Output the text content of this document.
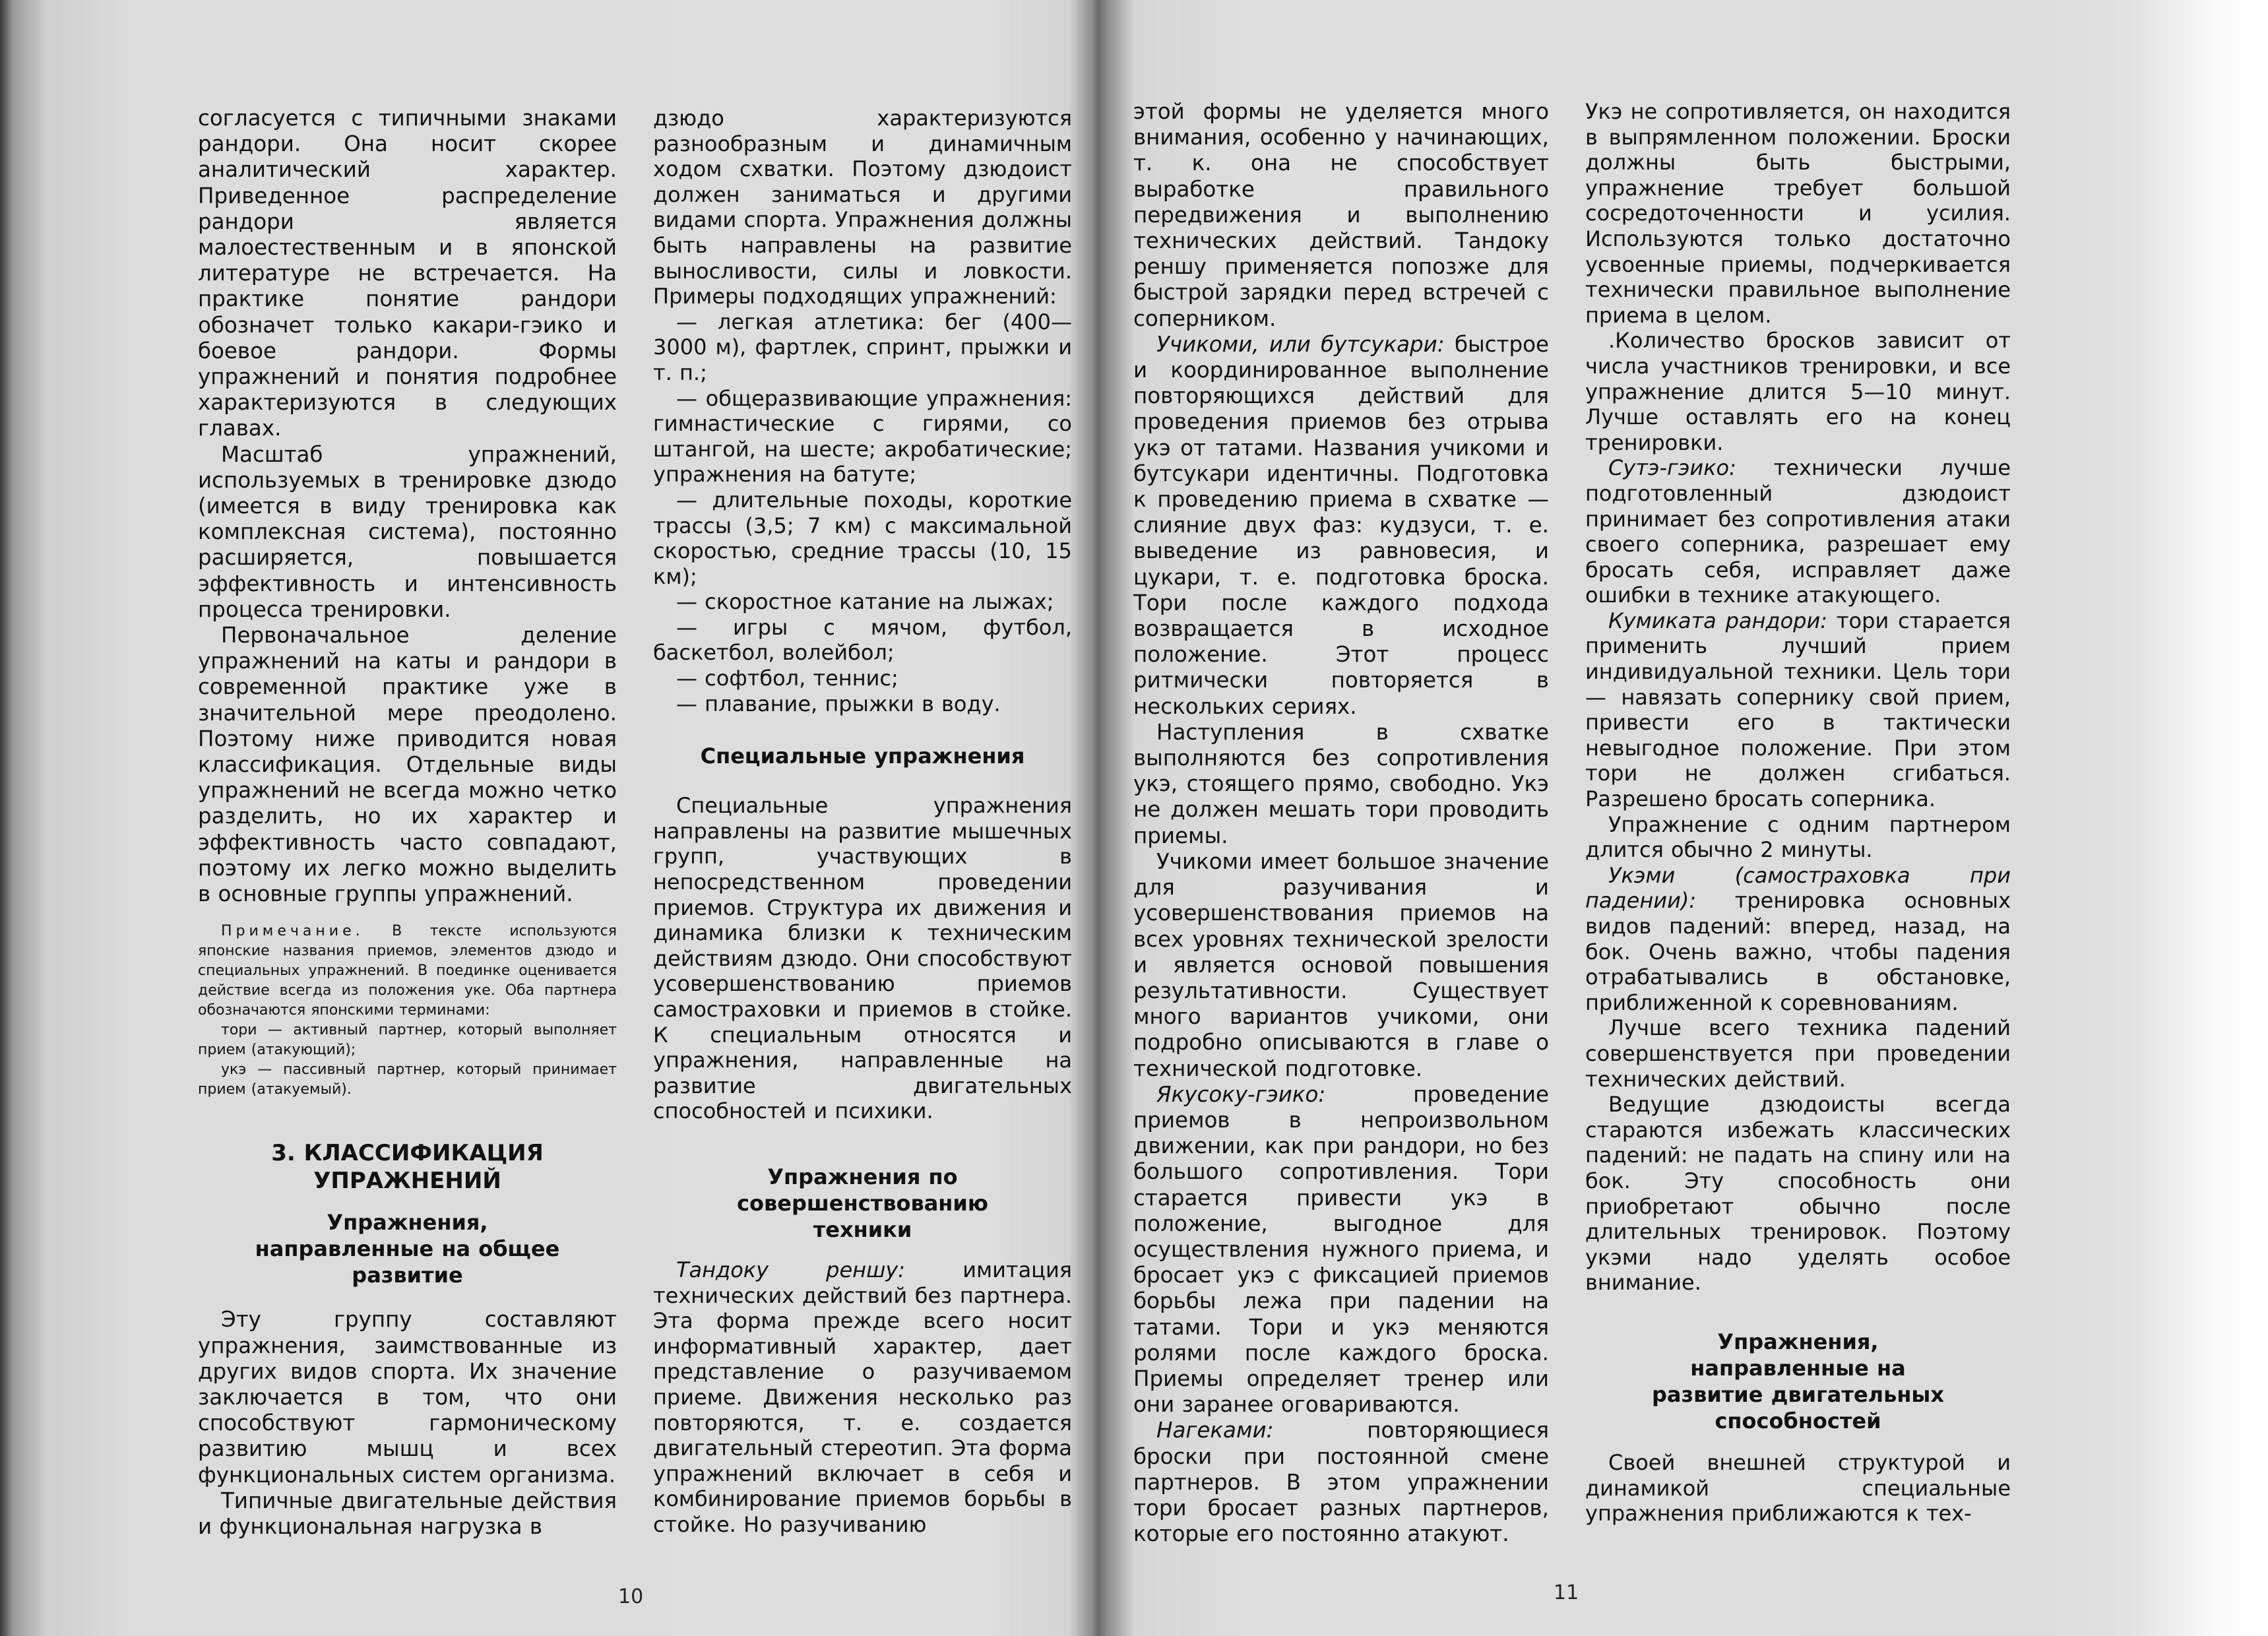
согласуется с типичными знаками рандори. Она носит скорее аналитический характер. Приведенное распределение рандори является малоестественным и в японской литературе не встречается. На практике понятие рандори обозначет только какари-гэико и боевое рандори. Формы упражнений и понятия подробнее характеризуются в следующих главах.

Масштаб упражнений, используемых в тренировке дзюдо (имеется в виду тренировка как комплексная система), постоянно расширяется, повышается эффективность и интенсивность процесса тренировки.

Первоначальное деление упражнений на каты и рандори в современной практике уже в значительной мере преодолено. Поэтому ниже приводится новая классификация. Отдельные виды упражнений не всегда можно четко разделить, но их характер и эффективность часто совпадают, поэтому их легко можно выделить в основные группы упражнений.

Примечание. В тексте используются японские названия приемов, элементов дзюдо и специальных упражнений. В поединке оценивается действие всегда из положения укe. Оба партнера обозначаются японскими терминами:

тори — активный партнер, который выполняет прием (атакующий);

укэ — пассивный партнер, который принимает прием (атакуемый).

3. КЛАССИФИКАЦИЯ УПРАЖНЕНИЙ
Упражнения, направленные на общее развитие

Эту группу составляют упражнения, заимствованные из других видов спорта. Их значение заключается в том, что они способствуют гармоническому развитию мышц и всех функциональных систем организма.

Типичные двигательные действия и функциональная нагрузка в

дзюдо характеризуются разнообразным и динамичным ходом схватки. Поэтому дзюдоист должен заниматься и другими видами спорта. Упражнения должны быть направлены на развитие выносливости, силы и ловкости. Примеры подходящих упражнений:

— легкая атлетика: бег (400—3000 м), фартлек, спринт, прыжки и т. п.;

— общеразвивающие упражнения: гимнастические с гирями, со штангой, на шесте; акробатические; упражнения на батуте;

— длительные походы, короткие трассы (3,5; 7 км) с максимальной скоростью, средние трассы (10, 15 км);

— скоростное катание на лыжах;

— игры с мячом, футбол, баскетбол, волейбол;

— софтбол, теннис;

— плавание, прыжки в воду.

Специальные упражнения

Специальные упражнения направлены на развитие мышечных групп, участвующих в непосредственном проведении приемов. Структура их движения и динамика близки к техническим действиям дзюдо. Они способствуют усовершенствованию приемов самостраховки и приемов в стойке. К специальным относятся и упражнения, направленные на развитие двигательных способностей и психики.

Упражнения по совершенствованию техники

Тандоку реншу:	имитация технических действий без партнера. Эта форма прежде всего носит информативный характер, дает представление о разучиваемом приеме. Движения несколько раз повторяются, т. е. создается двигательный стереотип. Эта форма упражнений включает в себя и комбинирование приемов борьбы в стойке. Но разучиванию

этой формы не уделяется много внимания, особенно у начинающих, т. к. она не способствует выработке правильного передвижения и выполнению технических действий. Тандоку реншу применяется попозже для быстрой зарядки перед встречей с соперником.

Учикоми, или бутсукари: быстрое и координированное выполнение повторяющихся действий для проведения приемов без отрыва укэ от татами. Названия учикоми и бутсукари идентичны. Подготовка к проведению приема в схватке — слияние двух фаз: кудзуси, т. е. выведение из равновесия, и цукари, т. е. подготовка броска. Тори после каждого подхода возвращается в исходное положение. Этот процесс ритмически повторяется в нескольких сериях.

Наступления в схватке выполняются без сопротивления укэ, стоящего прямо, свободно. Укэ не должен мешать тори проводить приемы.

Учикоми имеет большое значение для разучивания и усовершенствования приемов на всех уровнях технической зрелости и является основой повышения результативности. Существует много вариантов учикоми, они подробно описываются в главе о технической подготовке.

Якусоку-гэико:	проведение приемов в непроизвольном движении, как при рандори, но без большого сопротивления. Тори старается привести укэ в положение, выгодное для осуществления нужного приема, и бросает укэ с фиксацией приемов борьбы лежа при падении на татами. Тори и укэ меняются ролями после каждого броска. Приемы определяет тренер или они заранее оговариваются.

Нагеками:	повторяющиеся броски при постоянной смене партнеров. В этом упражнении тори бросает разных партнеров, которые его постоянно атакуют.

Укэ не сопротивляется, он находится в выпрямленном положении. Броски должны быть быстрыми, упражнение требует большой сосредоточенности и усилия. Используются только достаточно усвоенные приемы, подчеркивается технически правильное выполнение приема в целом.

.Количество бросков зависит от числа участников тренировки, и все упражнение длится 5—10 минут. Лучше оставлять его на конец тренировки.

Сутэ-гэико: технически лучше подготовленный дзюдоист принимает без сопротивления атаки своего соперника, разрешает ему бросать себя, исправляет даже ошибки в технике атакующего.

Кумиката рандори: тори старается применить лучший прием индивидуальной техники. Цель тори — навязать сопернику свой прием, привести его в тактически невыгодное положение. При этом тори не должен сгибаться. Разрешено бросать соперника.

Упражнение с одним партнером длится обычно 2 минуты.

Укэми (самостраховка при падении): тренировка основных видов падений: вперед, назад, на бок. Очень важно, чтобы падения отрабатывались в обстановке, приближенной к соревнованиям.

Лучше всего техника падений совершенствуется при проведении технических действий.

Ведущие дзюдоисты всегда стараются избежать классических падений: не падать на спину или на бок. Эту способность они приобретают обычно после длительных тренировок. Поэтому укэми надо уделять особое внимание.

Упражнения, направленные на развитие двигательных способностей

Своей внешней структурой и динамикой специальные упражнения приближаются к тех-

10	11
